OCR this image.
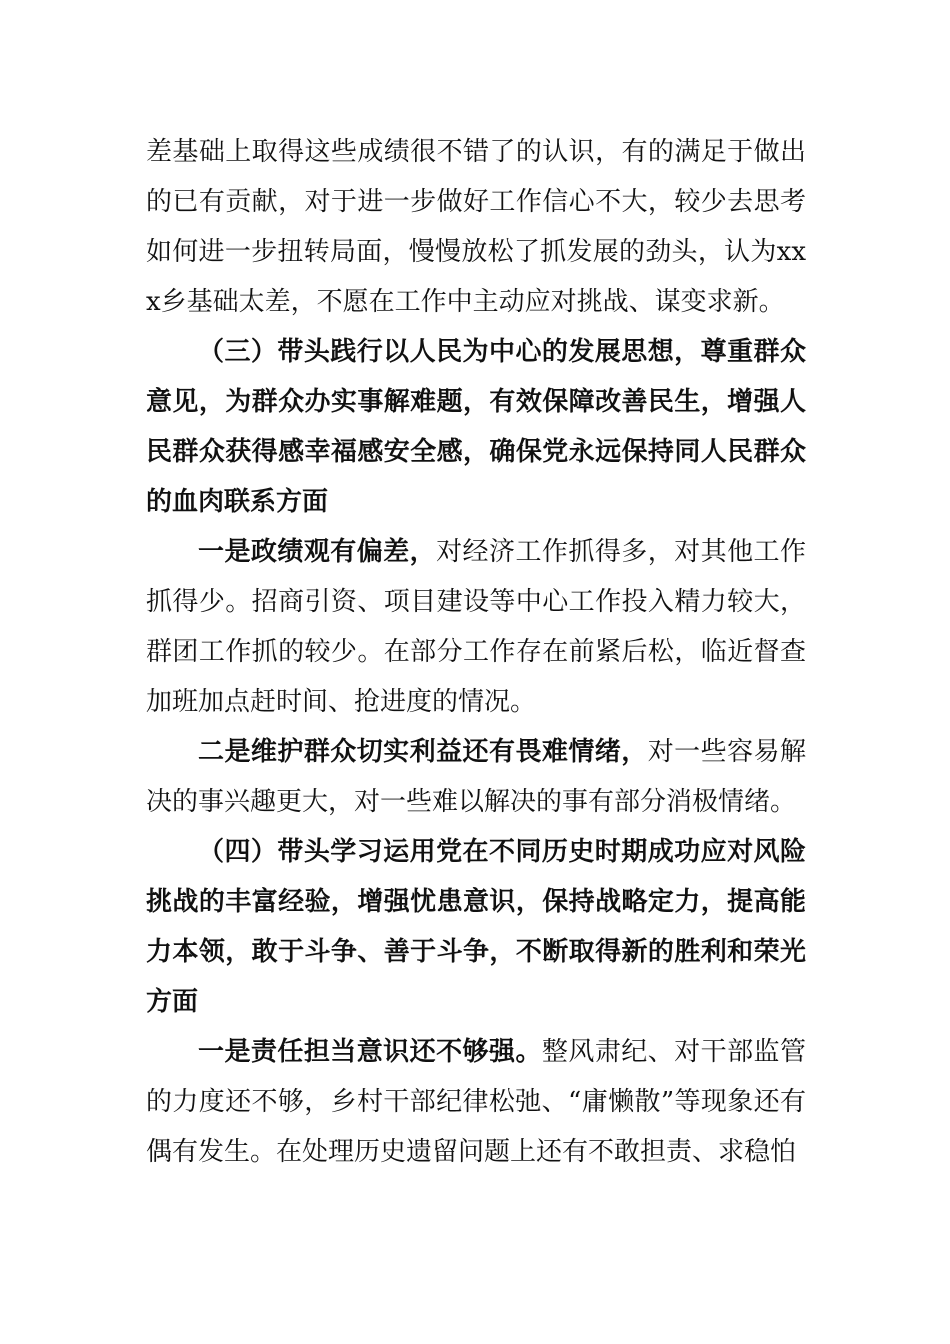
差基础上取得这些成绩很不错了的认识，有的满足于做出的已有贡献，对于进一步做好工作信心不大，较少去思考如何进一步扭转局面，慢慢放松了抓发展的劲头，认为xxx乡基础太差，不愿在工作中主动应对挑战、谋变求新。

（三）带头践行以人民为中心的发展思想，尊重群众意见，为群众办实事解难题，有效保障改善民生，增强人民群众获得感幸福感安全感，确保党永远保持同人民群众的血肉联系方面

一是政绩观有偏差，对经济工作抓得多，对其他工作抓得少。招商引资、项目建设等中心工作投入精力较大，群团工作抓的较少。在部分工作存在前紧后松，临近督查加班加点赶时间、抢进度的情况。

二是维护群众切实利益还有畏难情绪，对一些容易解决的事兴趣更大，对一些难以解决的事有部分消极情绪。

（四）带头学习运用党在不同历史时期成功应对风险挑战的丰富经验，增强忧患意识，保持战略定力，提高能力本领，敢于斗争、善于斗争，不断取得新的胜利和荣光方面

一是责任担当意识还不够强。整风肃纪、对干部监管的力度还不够，乡村干部纪律松弛、“庸懒散”等现象还有偶有发生。在处理历史遗留问题上还有不敢担责、求稳怕
